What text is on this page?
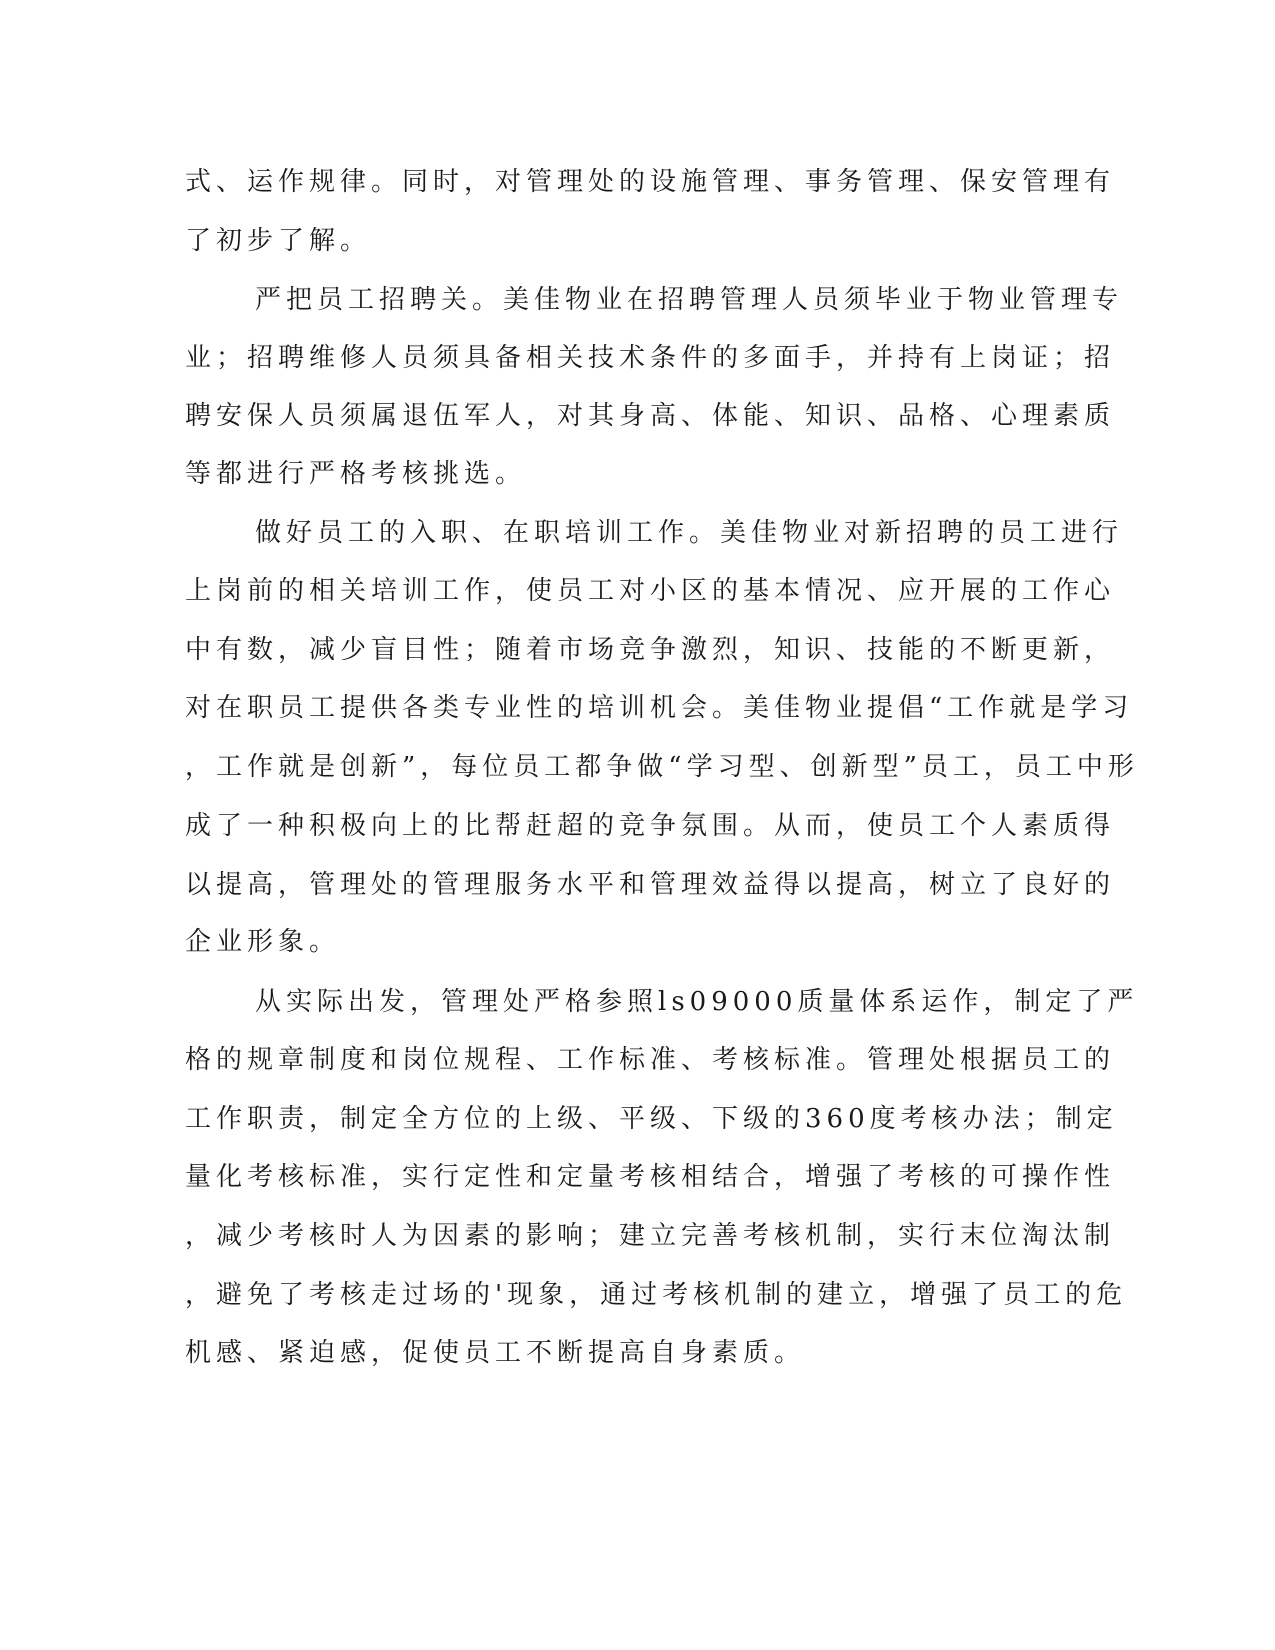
式、运作规律。同时，对管理处的设施管理、事务管理、保安管理有

了初步了解。

严把员工招聘关。美佳物业在招聘管理人员须毕业于物业管理专

业；招聘维修人员须具备相关技术条件的多面手，并持有上岗证；招

聘安保人员须属退伍军人，对其身高、体能、知识、品格、心理素质

等都进行严格考核挑选。

做好员工的入职、在职培训工作。美佳物业对新招聘的员工进行

上岗前的相关培训工作，使员工对小区的基本情况、应开展的工作心

中有数，减少盲目性；随着市场竞争激烈，知识、技能的不断更新，

对在职员工提供各类专业性的培训机会。美佳物业提倡“工作就是学习

，工作就是创新”，每位员工都争做“学习型、创新型”员工，员工中形

成了一种积极向上的比帮赶超的竞争氛围。从而，使员工个人素质得

以提高，管理处的管理服务水平和管理效益得以提高，树立了良好的

企业形象。

从实际出发，管理处严格参照ls09000质量体系运作，制定了严

格的规章制度和岗位规程、工作标准、考核标准。管理处根据员工的

工作职责，制定全方位的上级、平级、下级的360度考核办法；制定

量化考核标准，实行定性和定量考核相结合，增强了考核的可操作性

，减少考核时人为因素的影响；建立完善考核机制，实行末位淘汰制

，避免了考核走过场的'现象，通过考核机制的建立，增强了员工的危

机感、紧迫感，促使员工不断提高自身素质。
